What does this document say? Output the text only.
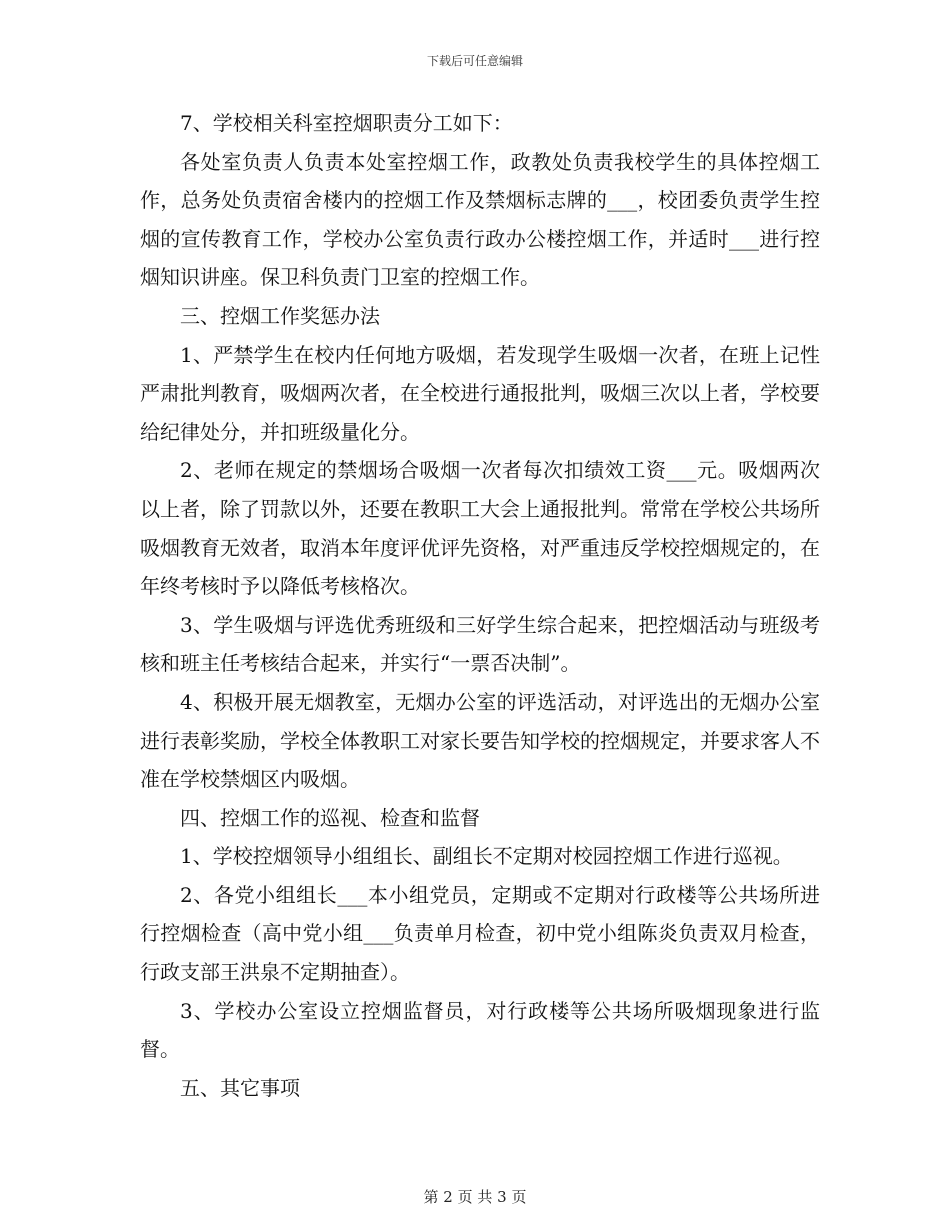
下载后可任意编辑

7、学校相关科室控烟职责分工如下：

各处室负责人负责本处室控烟工作，政教处负责我校学生的具体控烟工作，总务处负责宿舍楼内的控烟工作及禁烟标志牌的___，校团委负责学生控烟的宣传教育工作，学校办公室负责行政办公楼控烟工作，并适时___进行控烟知识讲座。保卫科负责门卫室的控烟工作。

三、控烟工作奖惩办法

1、严禁学生在校内任何地方吸烟，若发现学生吸烟一次者，在班上记性严肃批判教育，吸烟两次者，在全校进行通报批判，吸烟三次以上者，学校要给纪律处分，并扣班级量化分。

2、老师在规定的禁烟场合吸烟一次者每次扣绩效工资___元。吸烟两次以上者，除了罚款以外，还要在教职工大会上通报批判。常常在学校公共场所吸烟教育无效者，取消本年度评优评先资格，对严重违反学校控烟规定的，在年终考核时予以降低考核格次。

3、学生吸烟与评选优秀班级和三好学生综合起来，把控烟活动与班级考核和班主任考核结合起来，并实行“一票否决制”。

4、积极开展无烟教室，无烟办公室的评选活动，对评选出的无烟办公室进行表彰奖励，学校全体教职工对家长要告知学校的控烟规定，并要求客人不准在学校禁烟区内吸烟。

四、控烟工作的巡视、检查和监督

1、学校控烟领导小组组长、副组长不定期对校园控烟工作进行巡视。

2、各党小组组长___本小组党员，定期或不定期对行政楼等公共场所进行控烟检查（高中党小组___负责单月检查，初中党小组陈炎负责双月检查，行政支部王洪泉不定期抽查）。

3、学校办公室设立控烟监督员，对行政楼等公共场所吸烟现象进行监督。

五、其它事项

第 2 页 共 3 页
